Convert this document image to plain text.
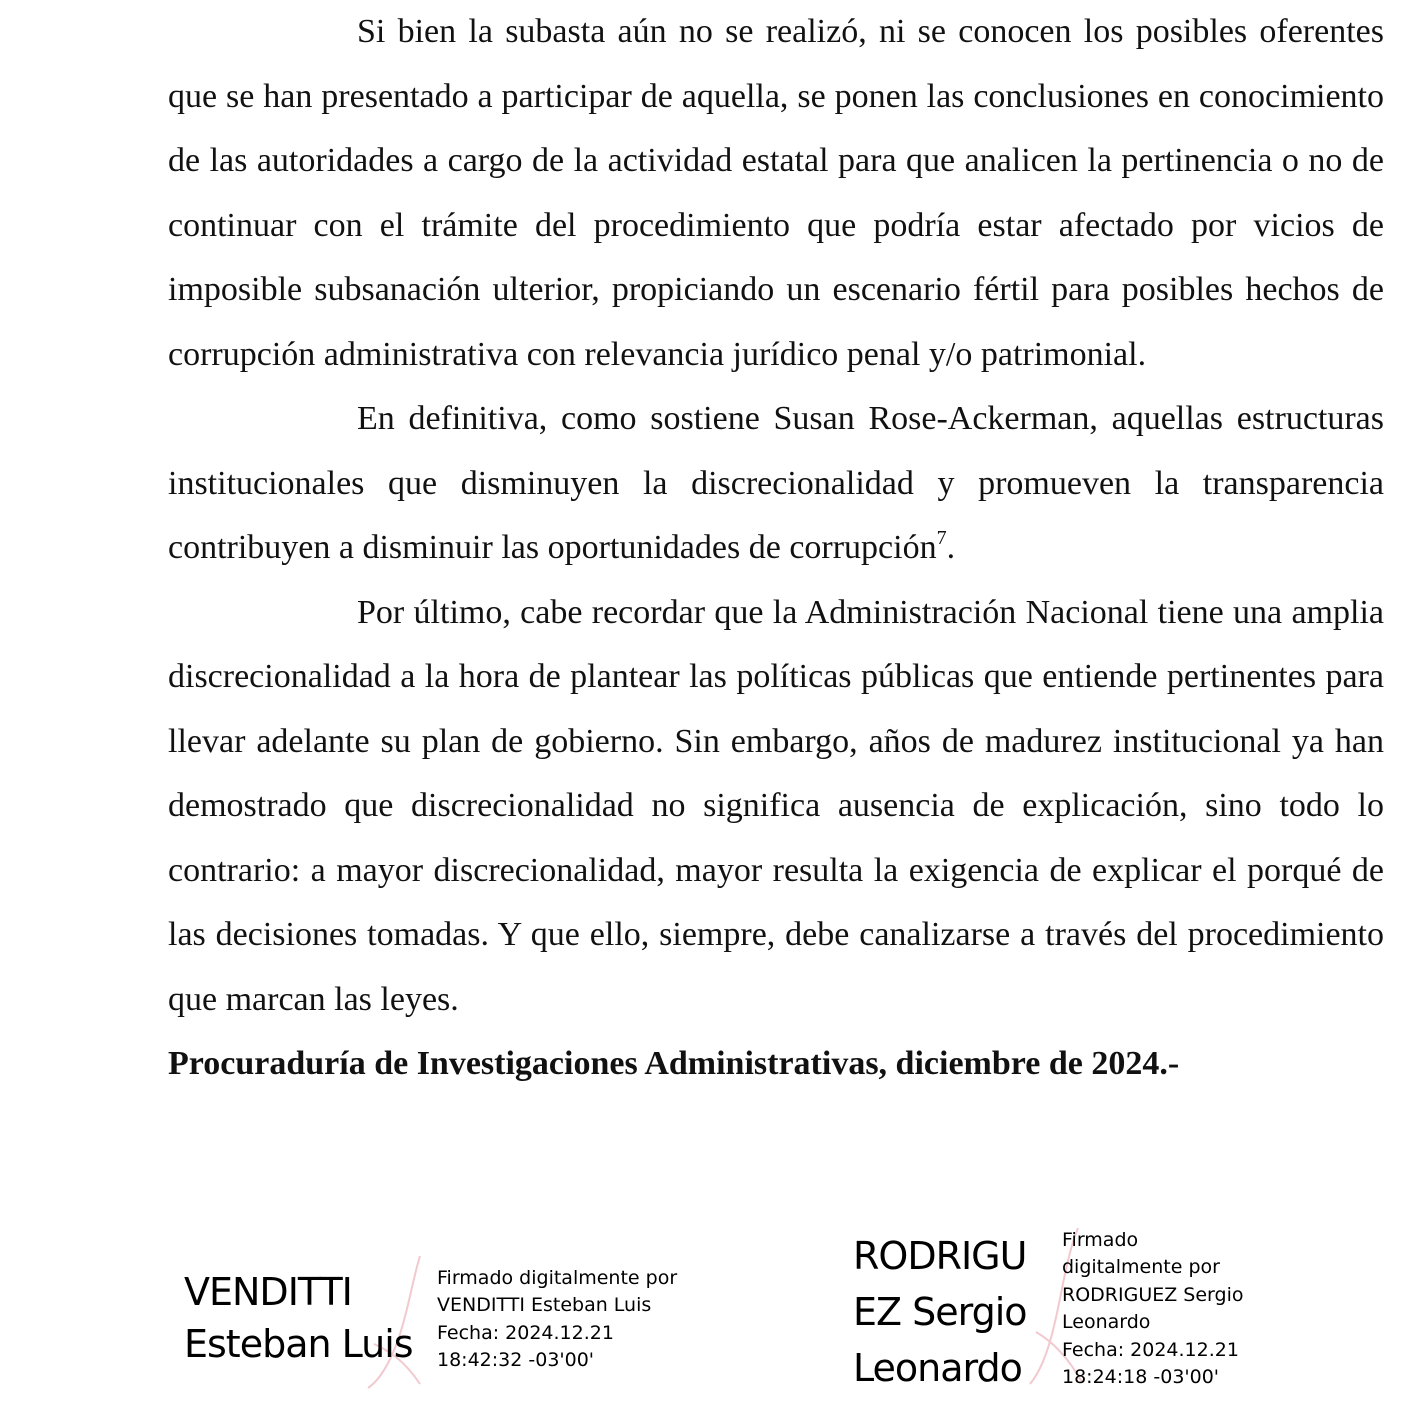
Si bien la subasta aún no se realizó, ni se conocen los posibles oferentes que se han presentado a participar de aquella, se ponen las conclusiones en conocimiento de las autoridades a cargo de la actividad estatal para que analicen la pertinencia o no de continuar con el trámite del procedimiento que podría estar afectado por vicios de imposible subsanación ulterior, propiciando un escenario fértil para posibles hechos de corrupción administrativa con relevancia jurídico penal y/o patrimonial.

En definitiva, como sostiene Susan Rose-Ackerman, aquellas estructuras institucionales que disminuyen la discrecionalidad y promueven la transparencia contribuyen a disminuir las oportunidades de corrupción$^7$.

Por último, cabe recordar que la Administración Nacional tiene una amplia discrecionalidad a la hora de plantear las políticas públicas que entiende pertinentes para llevar adelante su plan de gobierno. Sin embargo, años de madurez institucional ya han demostrado que discrecionalidad no significa ausencia de explicación, sino todo lo contrario: a mayor discrecionalidad, mayor resulta la exigencia de explicar el porqué de las decisiones tomadas. Y que ello, siempre, debe canalizarse a través del procedimiento que marcan las leyes.

Procuraduría de Investigaciones Administrativas, diciembre de 2024.-

VENDITTI
Esteban Luis
Firmado digitalmente por
VENDITTI Esteban Luis
Fecha: 2024.12.21
18:42:32 -03'00'
RODRIGU
EZ Sergio
Leonardo
Firmado
digitalmente por
RODRIGUEZ Sergio
Leonardo
Fecha: 2024.12.21
18:24:18 -03'00'
